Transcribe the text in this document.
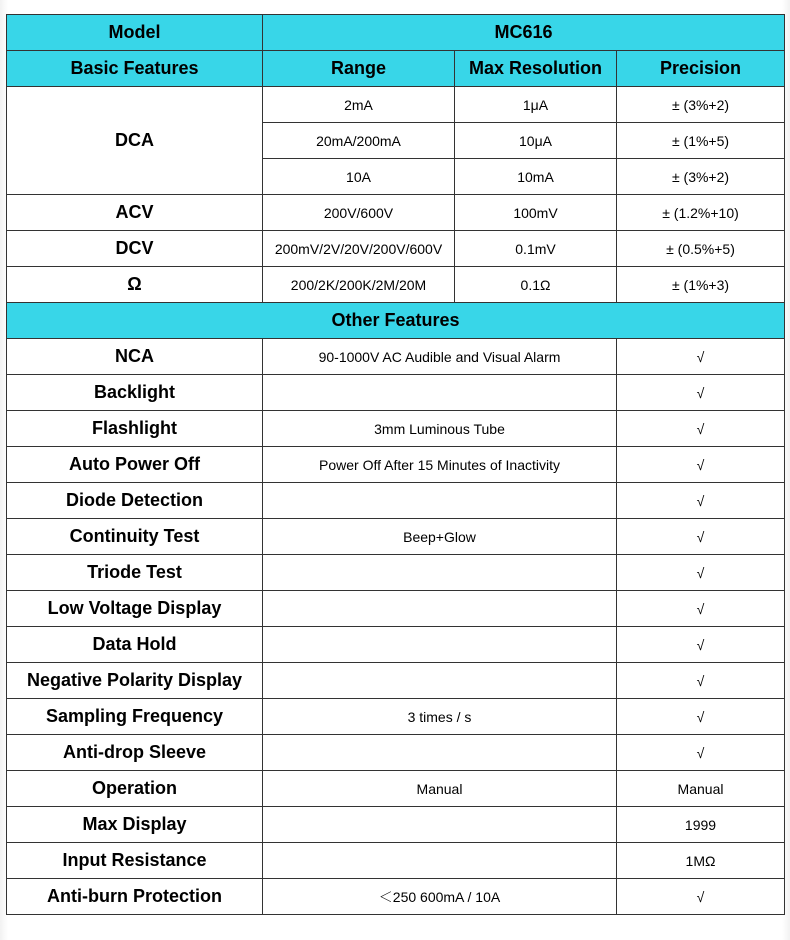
Model	MC616		
Basic Features	Range	Max Resolution	Precision
DCA	2mA	1μA	± (3%+2)
	20mA/200mA	10μA	± (1%+5)
	10A	10mA	± (3%+2)
ACV	200V/600V	100mV	± (1.2%+10)
DCV	200mV/2V/20V/200V/600V	0.1mV	± (0.5%+5)
Ω	200/2K/200K/2M/20M	0.1Ω	± (1%+3)
Other Features			
NCA	90-1000V AC Audible and Visual Alarm		√
Backlight			√
Flashlight	3mm Luminous Tube		√
Auto Power Off	Power Off After 15 Minutes of Inactivity		√
Diode Detection			√
Continuity Test	Beep+Glow		√
Triode Test			√
Low Voltage Display			√
Data Hold			√
Negative Polarity Display			√
Sampling Frequency	3 times / s		√
Anti-drop Sleeve			√
Operation	Manual		Manual
Max Display			1999
Input Resistance			1MΩ
Anti-burn Protection	＜250 600mA / 10A		√
